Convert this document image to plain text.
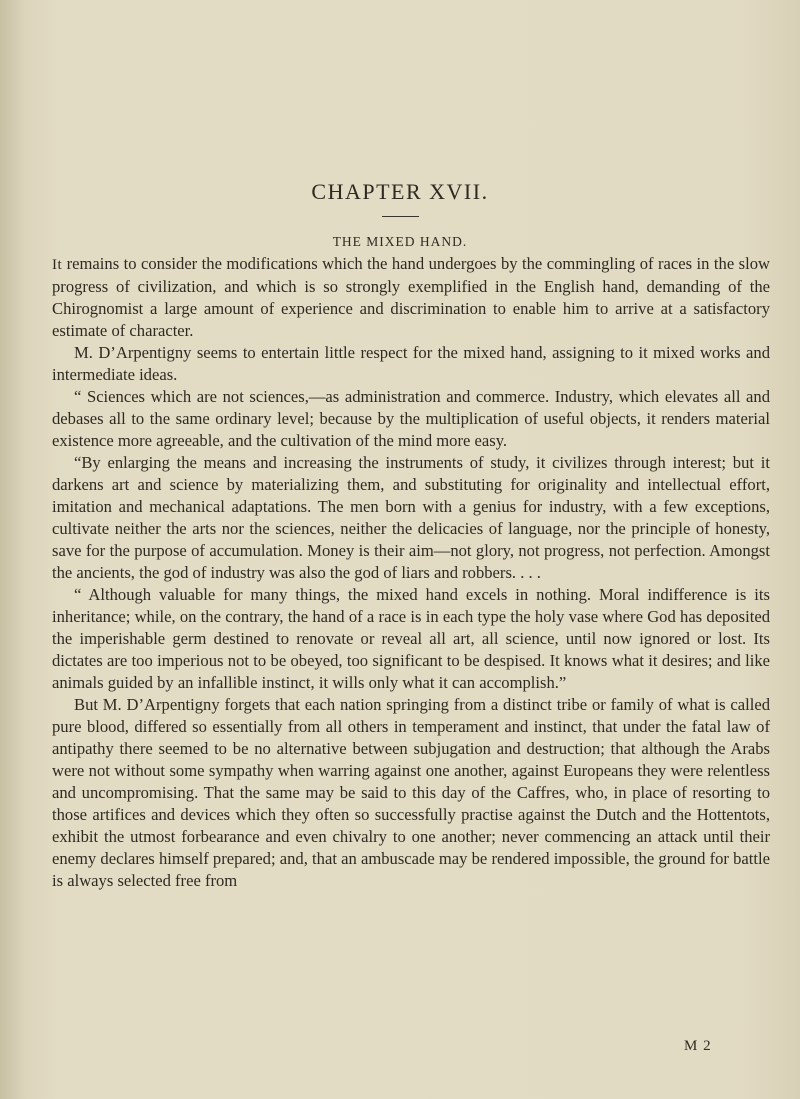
CHAPTER XVII.
THE MIXED HAND.

It remains to consider the modifications which the hand undergoes by the commingling of races in the slow progress of civilization, and which is so strongly exemplified in the English hand, demanding of the Chirognomist a large amount of experience and discrimination to enable him to arrive at a satisfactory estimate of character.

M. D’Arpentigny seems to entertain little respect for the mixed hand, assigning to it mixed works and intermediate ideas.

“ Sciences which are not sciences,—as administration and commerce. Industry, which elevates all and debases all to the same ordinary level; because by the multiplication of useful objects, it renders material existence more agreeable, and the cultivation of the mind more easy.

“By enlarging the means and increasing the instruments of study, it civilizes through interest; but it darkens art and science by materializing them, and substituting for originality and intellectual effort, imitation and mechanical adaptations. The men born with a genius for industry, with a few exceptions, cultivate neither the arts nor the sciences, neither the delicacies of language, nor the principle of honesty, save for the purpose of accumulation. Money is their aim—not glory, not progress, not perfection. Amongst the ancients, the god of industry was also the god of liars and robbers. . . .

“ Although valuable for many things, the mixed hand excels in nothing. Moral indifference is its inheritance; while, on the contrary, the hand of a race is in each type the holy vase where God has deposited the imperishable germ destined to renovate or reveal all art, all science, until now ignored or lost. Its dictates are too imperious not to be obeyed, too significant to be despised. It knows what it desires; and like animals guided by an infallible instinct, it wills only what it can accomplish.”

But M. D’Arpentigny forgets that each nation springing from a distinct tribe or family of what is called pure blood, differed so essentially from all others in temperament and instinct, that under the fatal law of antipathy there seemed to be no alternative between subjugation and destruction; that although the Arabs were not without some sympathy when warring against one another, against Europeans they were relentless and uncompromising. That the same may be said to this day of the Caffres, who, in place of resorting to those artifices and devices which they often so successfully practise against the Dutch and the Hottentots, exhibit the utmost forbearance and even chivalry to one another; never commencing an attack until their enemy declares himself prepared; and, that an ambuscade may be rendered impossible, the ground for battle is always selected free from

M 2
